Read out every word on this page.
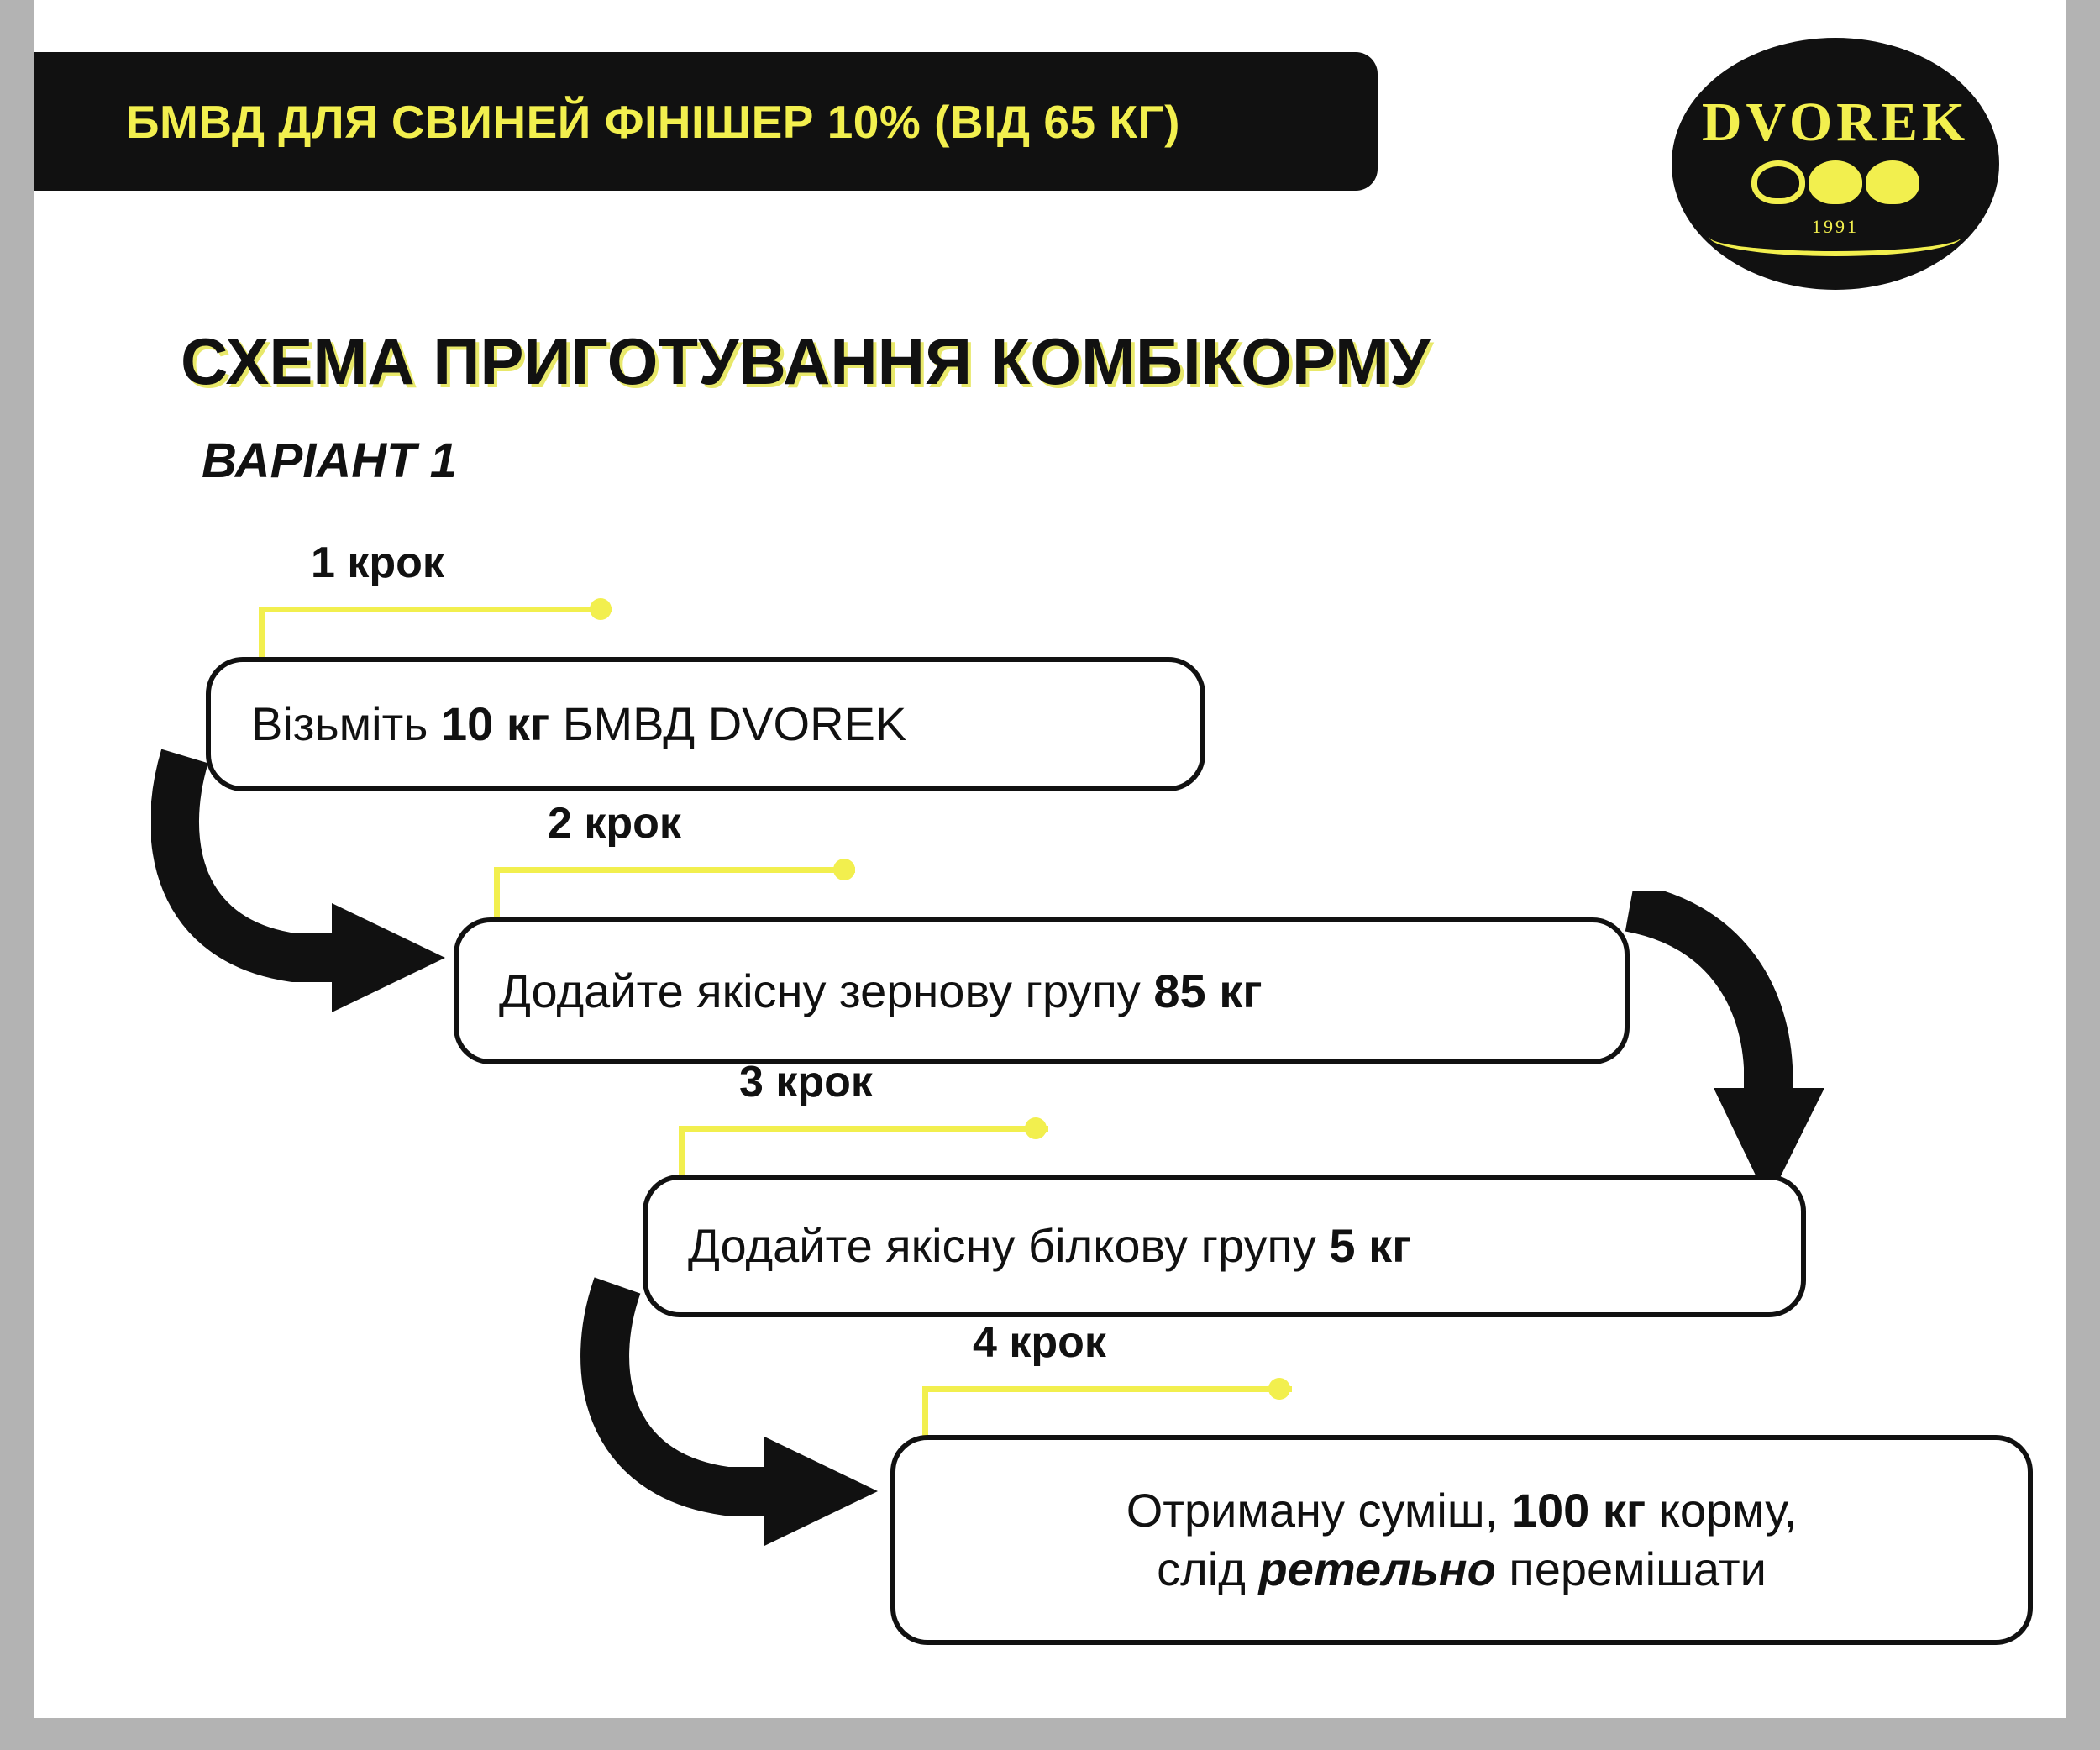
БМВД ДЛЯ СВИНЕЙ ФІНІШЕР 10% (ВІД 65 КГ)	DVOREK
1991
СХЕМА ПРИГОТУВАННЯ КОМБІКОРМУ
ВАРІАНТ 1
1 крок
Візьміть 10 кг БМВД DVOREK
2 крок
Додайте якісну зернову групу 85 кг
3 крок
Додайте якісну білкову групу 5 кг
4 крок
Отриману суміш, 100 кг корму,
слід ретельно перемішати
